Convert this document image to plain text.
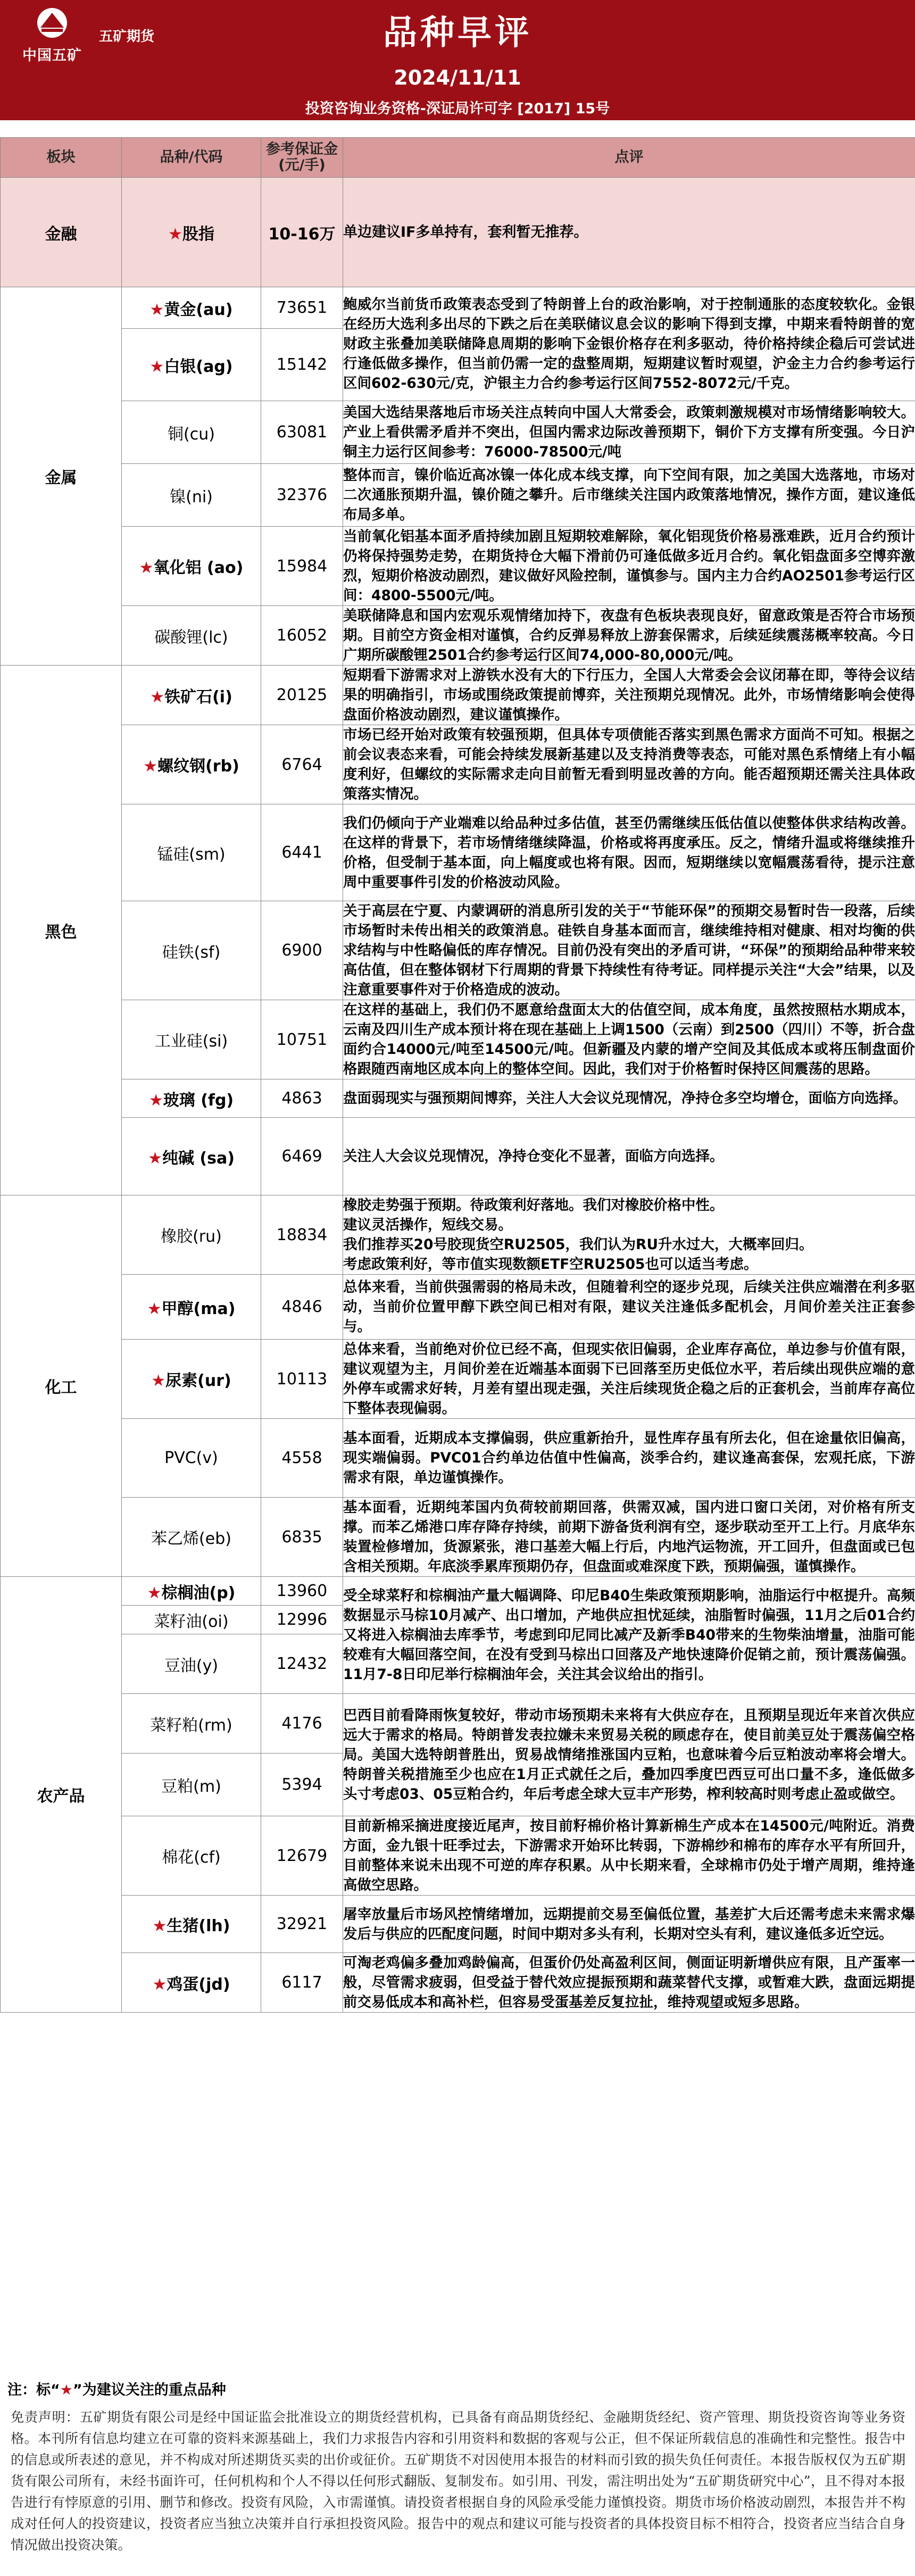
中国五矿
五矿期货	品种早评
2024/11/11
投资咨询业务资格-深证局许可字 [2017] 15号
板块	品种/代码	参考保证金(元/手)	点评
金融	★股指	10-16万	单边建议IF多单持有，套利暂无推荐。
金属	★黄金(au)	73651	鲍威尔当前货币政策表态受到了特朗普上台的政治影响，对于控制通胀的态度较软化。金银在经历大选利多出尽的下跌之后在美联储议息会议的影响下得到支撑，中期来看特朗普的宽财政主张叠加美联储降息周期的影响下金银价格存在利多驱动，待价格持续企稳后可尝试进行逢低做多操作，但当前仍需一定的盘整周期，短期建议暂时观望，沪金主力合约参考运行区间602-630元/克，沪银主力合约参考运行区间7552-8072元/千克。
	★白银(ag)	15142	
	铜(cu)	63081	美国大选结果落地后市场关注点转向中国人大常委会，政策刺激规模对市场情绪影响较大。产业上看供需矛盾并不突出，但国内需求边际改善预期下，铜价下方支撑有所变强。今日沪铜主力运行区间参考：76000-78500元/吨
	镍(ni)	32376	整体而言，镍价临近高冰镍一体化成本线支撑，向下空间有限，加之美国大选落地，市场对二次通胀预期升温，镍价随之攀升。后市继续关注国内政策落地情况，操作方面，建议逢低布局多单。
	★氧化铝 (ao)	15984	当前氧化铝基本面矛盾持续加剧且短期较难解除，氧化铝现货价格易涨难跌，近月合约预计仍将保持强势走势，在期货持仓大幅下滑前仍可逢低做多近月合约。氧化铝盘面多空博弈激烈，短期价格波动剧烈，建议做好风险控制，谨慎参与。国内主力合约AO2501参考运行区间：4800-5500元/吨。
	碳酸锂(lc)	16052	美联储降息和国内宏观乐观情绪加持下，夜盘有色板块表现良好，留意政策是否符合市场预期。目前空方资金相对谨慎，合约反弹易释放上游套保需求，后续延续震荡概率较高。今日广期所碳酸锂2501合约参考运行区间74,000-80,000元/吨。
黑色	★铁矿石(i)	20125	短期看下游需求对上游铁水没有大的下行压力，全国人大常委会会议闭幕在即，等待会议结果的明确指引，市场或围绕政策提前博弈，关注预期兑现情况。此外，市场情绪影响会使得盘面价格波动剧烈，建议谨慎操作。
	★螺纹钢(rb)	6764	市场已经开始对政策有较强预期，但具体专项债能否落实到黑色需求方面尚不可知。根据之前会议表态来看，可能会持续发展新基建以及支持消费等表态，可能对黑色系情绪上有小幅度利好，但螺纹的实际需求走向目前暂无看到明显改善的方向。能否超预期还需关注具体政策落实情况。
	锰硅(sm)	6441	我们仍倾向于产业端难以给品种过多估值，甚至仍需继续压低估值以使整体供求结构改善。在这样的背景下，若市场情绪继续降温，价格或将再度承压。反之，情绪升温或将继续推升价格，但受制于基本面，向上幅度或也将有限。因而，短期继续以宽幅震荡看待，提示注意周中重要事件引发的价格波动风险。
	硅铁(sf)	6900	关于高层在宁夏、内蒙调研的消息所引发的关于“节能环保”的预期交易暂时告一段落，后续市场暂时未传出相关的政策消息。硅铁自身基本面而言，继续维持相对健康、相对均衡的供求结构与中性略偏低的库存情况。目前仍没有突出的矛盾可讲，“环保”的预期给品种带来较高估值，但在整体钢材下行周期的背景下持续性有待考证。同样提示关注“大会”结果，以及注意重要事件对于价格造成的波动。
	工业硅(si)	10751	在这样的基础上，我们仍不愿意给盘面太大的估值空间，成本角度，虽然按照枯水期成本，云南及四川生产成本预计将在现在基础上上调1500（云南）到2500（四川）不等，折合盘面约合14000元/吨至14500元/吨。但新疆及内蒙的增产空间及其低成本或将压制盘面价格跟随西南地区成本向上的整体空间。因此，我们对于价格暂时保持区间震荡的思路。
	★玻璃 (fg)	4863	盘面弱现实与强预期间博弈，关注人大会议兑现情况，净持仓多空均增仓，面临方向选择。
	★纯碱 (sa)	6469	关注人大会议兑现情况，净持仓变化不显著，面临方向选择。
化工	橡胶(ru)	18834	橡胶走势强于预期。待政策利好落地。我们对橡胶价格中性。
建议灵活操作，短线交易。
我们推荐买20号胶现货空RU2505，我们认为RU升水过大，大概率回归。
考虑政策利好，等市值实现数额ETF空RU2505也可以适当考虑。
	★甲醇(ma)	4846	总体来看，当前供强需弱的格局未改，但随着利空的逐步兑现，后续关注供应端潜在利多驱动，当前价位置甲醇下跌空间已相对有限，建议关注逢低多配机会，月间价差关注正套参与。
	★尿素(ur)	10113	总体来看，当前绝对价位已经不高，但现实依旧偏弱，企业库存高位，单边参与价值有限，建议观望为主，月间价差在近端基本面弱下已回落至历史低位水平，若后续出现供应端的意外停车或需求好转，月差有望出现走强，关注后续现货企稳之后的正套机会，当前库存高位下整体表现偏弱。
	PVC(v)	4558	基本面看，近期成本支撑偏弱，供应重新抬升，显性库存虽有所去化，但在途量依旧偏高，现实端偏弱。PVC01合约单边估值中性偏高，淡季合约，建议逢高套保，宏观托底，下游需求有限，单边谨慎操作。
	苯乙烯(eb)	6835	基本面看，近期纯苯国内负荷较前期回落，供需双减，国内进口窗口关闭，对价格有所支撑。而苯乙烯港口库存降存持续，前期下游备货利润有空，逐步联动至开工上行。月底华东装置检修增加，货源紧张，港口基差大幅上行后，内地汽运物流，开工回升，但盘面或已包含相关预期。年底淡季累库预期仍存，但盘面或难深度下跌，预期偏强，谨慎操作。
农产品	★棕榈油(p)	13960	受全球菜籽和棕榈油产量大幅调降、印尼B40生柴政策预期影响，油脂运行中枢提升。高频数据显示马棕10月减产、出口增加，产地供应担忧延续，油脂暂时偏强，11月之后01合约又将进入棕榈油去库季节，考虑到印尼同比减产及新季B40带来的生物柴油增量，油脂可能较难有大幅回落空间，在没有受到马棕出口回落及产地快速降价促销之前，预计震荡偏强。11月7-8日印尼举行棕榈油年会，关注其会议给出的指引。
	菜籽油(oi)	12996	
	豆油(y)	12432	
	菜籽粕(rm)	4176	巴西目前看降雨恢复较好，带动市场预期未来将有大供应存在，且预期呈现近年来首次供应远大于需求的格局。特朗普发表拉嫌未来贸易关税的顾虑存在，使目前美豆处于震荡偏空格局。美国大选特朗普胜出，贸易战情绪推涨国内豆粕，也意味着今后豆粕波动率将会增大。特朗普关税措施至少也应在1月正式就任之后，叠加四季度巴西豆可出口量不多，逢低做多头寸考虑03、05豆粕合约，年后考虑全球大豆丰产形势，榨利较高时则考虑止盈或做空。
	豆粕(m)	5394	
	棉花(cf)	12679	目前新棉采摘进度接近尾声，按目前籽棉价格计算新棉生产成本在14500元/吨附近。消费方面，金九银十旺季过去，下游需求开始环比转弱，下游棉纱和棉布的库存水平有所回升，目前整体来说未出现不可逆的库存积累。从中长期来看，全球棉市仍处于增产周期，维持逢高做空思路。
	★生猪(lh)	32921	屠宰放量后市场风控情绪增加，远期提前交易至偏低位置，基差扩大后还需考虑未来需求爆发后与供应的匹配度问题，时间中期对多头有利，长期对空头有利，建议逢低多近空远。
	★鸡蛋(jd)	6117	可淘老鸡偏多叠加鸡龄偏高，但蛋价仍处高盈利区间，侧面证明新增供应有限，且产蛋率一般，尽管需求疲弱，但受益于替代效应提振预期和蔬菜替代支撑，或暂难大跌，盘面远期提前交易低成本和高补栏，但容易受蛋基差反复拉扯，维持观望或短多思路。
注：标“★”为建议关注的重点品种
免责声明：五矿期货有限公司是经中国证监会批准设立的期货经营机构，已具备有商品期货经纪、金融期货经纪、资产管理、期货投资咨询等业务资格。本刊所有信息均建立在可靠的资料来源基础上，我们力求报告内容和引用资料和数据的客观与公正，但不保证所载信息的准确性和完整性。报告中的信息或所表述的意见，并不构成对所述期货买卖的出价或征价。五矿期货不对因使用本报告的材料而引致的损失负任何责任。本报告版权仅为五矿期货有限公司所有，未经书面许可，任何机构和个人不得以任何形式翻版、复制发布。如引用、刊发，需注明出处为“五矿期货研究中心”，且不得对本报告进行有悖原意的引用、删节和修改。投资有风险，入市需谨慎。请投资者根据自身的风险承受能力谨慎投资。期货市场价格波动剧烈，本报告并不构成对任何人的投资建议，投资者应当独立决策并自行承担投资风险。报告中的观点和建议可能与投资者的具体投资目标不相符合，投资者应当结合自身情况做出投资决策。
